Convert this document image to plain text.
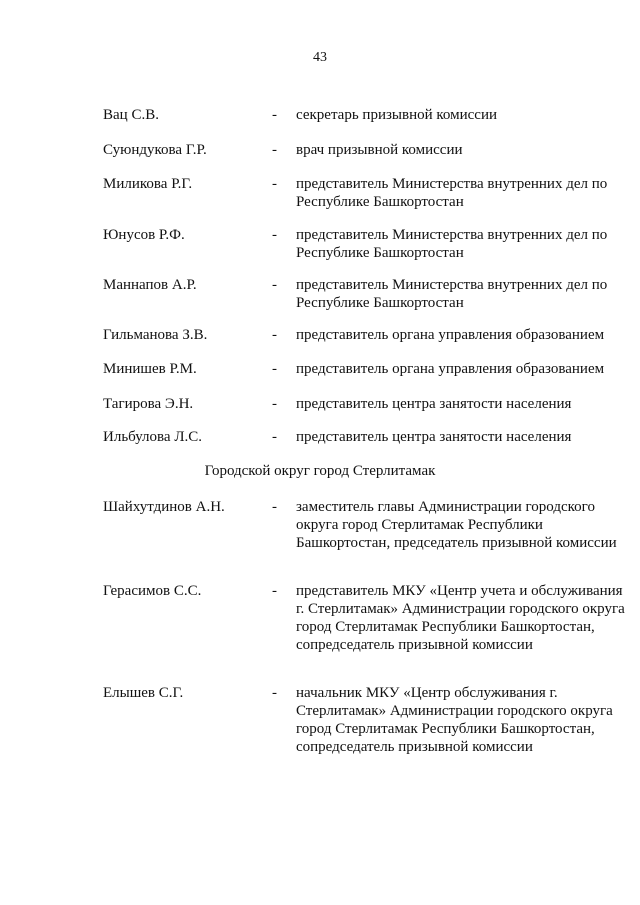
43
Вац С.В.	- секретарь призывной комиссии
Суюндукова Г.Р.	- врач призывной комиссии
Миликова Р.Г.	- представитель Министерства внутренних дел по Республике Башкортостан
Юнусов Р.Ф.	- представитель Министерства внутренних дел по Республике Башкортостан
Маннапов А.Р.	- представитель Министерства внутренних дел по Республике Башкортостан
Гильманова З.В.	- представитель органа управления образованием
Минишев Р.М.	- представитель органа управления образованием
Тагирова Э.Н.	- представитель центра занятости населения
Ильбулова Л.С.	- представитель центра занятости населения
Городской округ город Стерлитамак
Шайхутдинов А.Н.	- заместитель главы Администрации городского округа город Стерлитамак Республики Башкортостан, председатель призывной комиссии
Герасимов С.С.	- представитель МКУ «Центр учета и обслуживания г. Стерлитамак» Администрации городского округа город Стерлитамак Республики Башкортостан, сопредседатель призывной комиссии
Елышев С.Г.	- начальник МКУ «Центр обслуживания г. Стерлитамак» Администрации городского округа город Стерлитамак Республики Башкортостан, сопредседатель призывной комиссии
